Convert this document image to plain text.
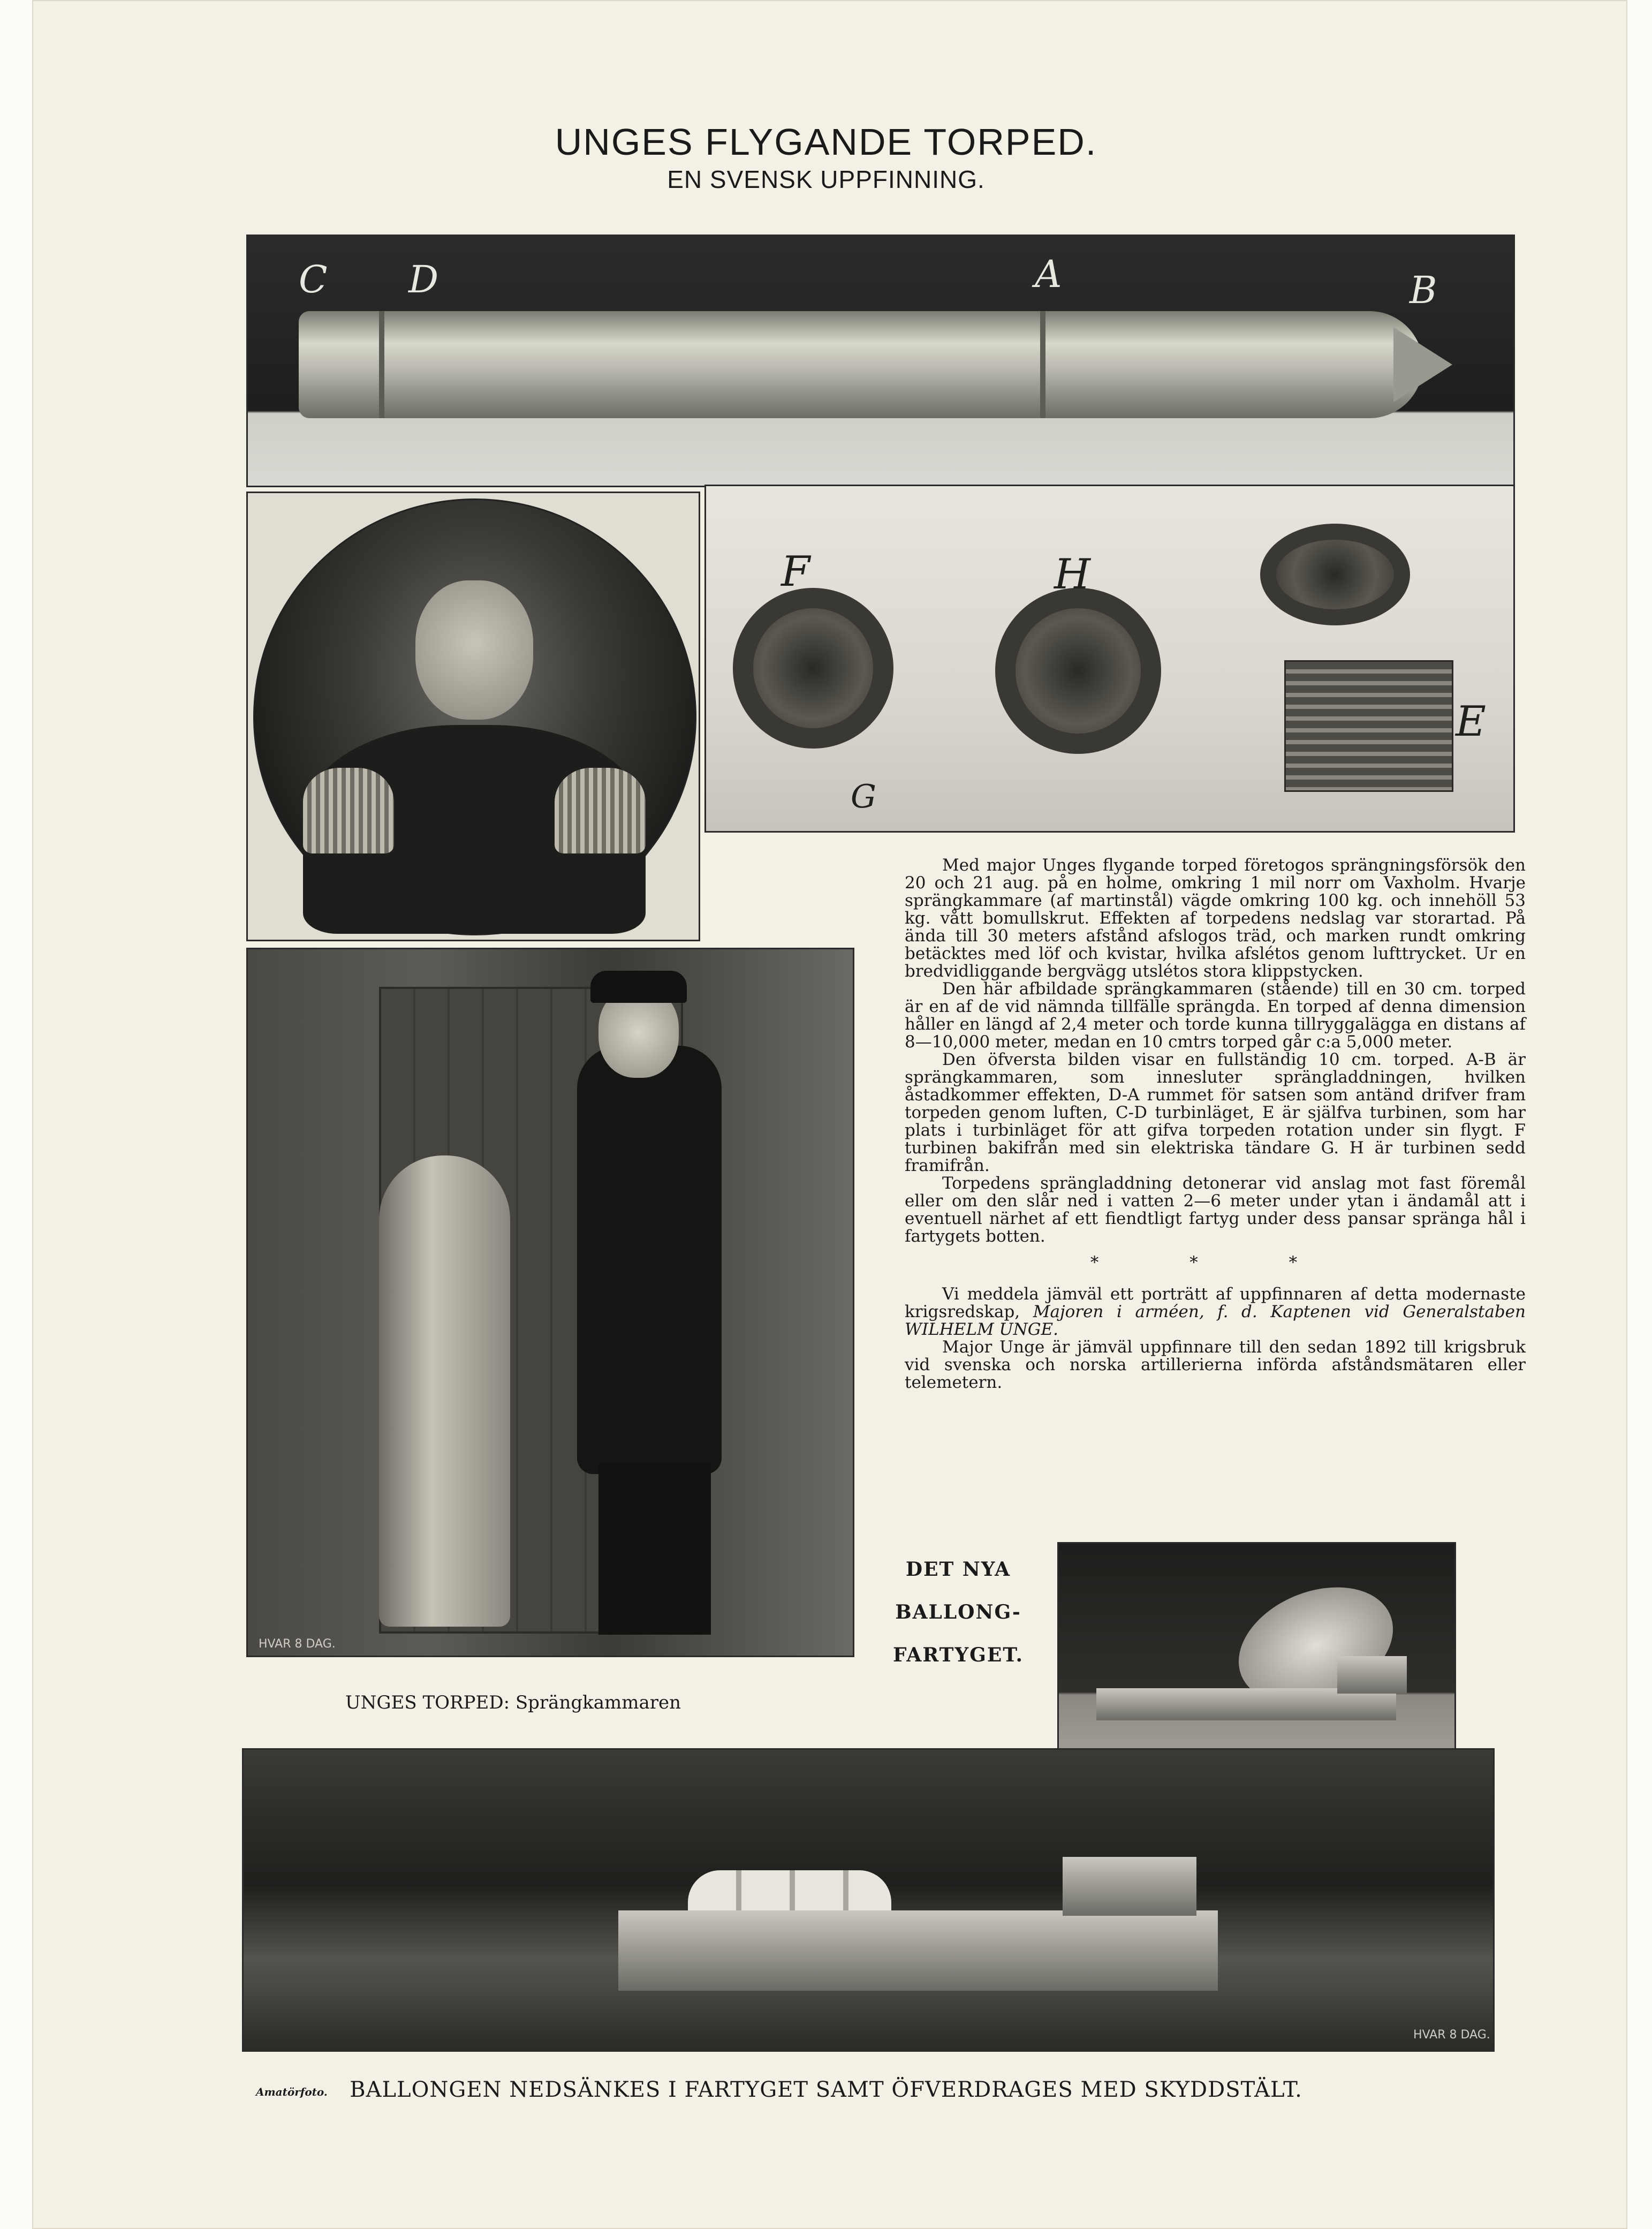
UNGES FLYGANDE TORPED.
EN SVENSK UPPFINNING.
C D	A	B
F	H
E
G
HVAR 8 DAG.

Med major Unges flygande torped företogos sprängningsförsök den 20 och 21 aug. på en holme, omkring 1 mil norr om Vaxholm. Hvarje sprängkammare (af martinstål) vägde omkring 100 kg. och innehöll 53 kg. vått bomullskrut. Effekten af torpedens nedslag var storartad. På ända till 30 meters afstånd afslogos träd, och marken rundt omkring betäcktes med löf och kvistar, hvilka afslétos genom lufttrycket. Ur en bredvidliggande bergvägg utslétos stora klippstycken.

Den här afbildade sprängkammaren (stående) till en 30 cm. torped är en af de vid nämnda tillfälle sprängda. En torped af denna dimension håller en längd af 2,4 meter och torde kunna tillryggalägga en distans af 8—10,000 meter, medan en 10 cmtrs torped går c:a 5,000 meter.

Den öfversta bilden visar en fullständig 10 cm. torped. A-B är sprängkammaren, som innesluter sprängladdningen, hvilken åstadkommer effekten, D-A rummet för satsen som antänd drifver fram torpeden genom luften, C-D turbinläget, E är själfva turbinen, som har plats i turbinläget för att gifva torpeden rotation under sin flygt. F turbinen bakifrån med sin elektriska tändare G. H är turbinen sedd framifrån.

Torpedens sprängladdning detonerar vid anslag mot fast föremål eller om den slår ned i vatten 2—6 meter under ytan i ändamål att i eventuell närhet af ett fiendtligt fartyg under dess pansar spränga hål i fartygets botten.

* * *

Vi meddela jämväl ett porträtt af uppfinnaren af detta modernaste krigsredskap, Majoren i arméen, f. d. Kaptenen vid Generalstaben WILHELM UNGE.

Major Unge är jämväl uppfinnare till den sedan 1892 till krigsbruk vid svenska och norska artillerierna införda afståndsmätaren eller telemetern.

DET NYA
BALLONG-
FARTYGET.
UNGES TORPED: Sprängkammaren
HVAR 8 DAG.
Amatörfoto.	BALLONGEN NEDSÄNKES I FARTYGET SAMT ÖFVERDRAGES MED SKYDDSTÄLT.
